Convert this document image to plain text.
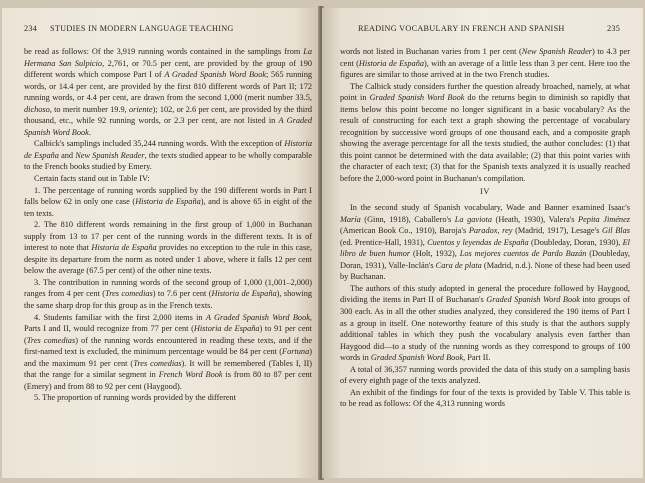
234 STUDIES IN MODERN LANGUAGE TEACHING

be read as follows: Of the 3,919 running words contained in the samplings from La Hermana San Sulpicio, 2,761, or 70.5 per cent, are provided by the group of 190 different words which compose Part I of A Graded Spanish Word Book; 565 running words, or 14.4 per cent, are provided by the first 810 different words of Part II; 172 running words, or 4.4 per cent, are drawn from the second 1,000 (merit number 33.5, dichoso, to merit number 19.9, oriente); 102, or 2.6 per cent, are provided by the third thousand, etc., while 92 running words, or 2.3 per cent, are not listed in A Graded Spanish Word Book.

Calbick's samplings included 35,244 running words. With the exception of Historia de España and New Spanish Reader, the texts studied appear to be wholly comparable to the French books studied by Emery.

Certain facts stand out in Table IV:

1. The percentage of running words supplied by the 190 different words in Part I falls below 62 in only one case (Historia de España), and is above 65 in eight of the ten texts.

2. The 810 different words remaining in the first group of 1,000 in Buchanan supply from 13 to 17 per cent of the running words in the different texts. It is of interest to note that Historia de España provides no exception to the rule in this case, despite its departure from the norm as noted under 1 above, where it falls 12 per cent below the average (67.5 per cent) of the other nine texts.

3. The contribution in running words of the second group of 1,000 (1,001–2,000) ranges from 4 per cent (Tres comedias) to 7.6 per cent (Historia de España), showing the same sharp drop for this group as in the French texts.

4. Students familiar with the first 2,000 items in A Graded Spanish Word Book, Parts I and II, would recognize from 77 per cent (Historia de España) to 91 per cent (Tres comedias) of the running words encountered in reading these texts, and if the first-named text is excluded, the minimum percentage would be 84 per cent (Fortuna) and the maximum 91 per cent (Tres comedias). It will be remembered (Tables I, II) that the range for a similar segment in French Word Book is from 80 to 87 per cent (Emery) and from 88 to 92 per cent (Haygood).

5. The proportion of running words provided by the different

READING VOCABULARY IN FRENCH AND SPANISH	235

words not listed in Buchanan varies from 1 per cent (New Spanish Reader) to 4.3 per cent (Historia de España), with an average of a little less than 3 per cent. Here too the figures are similar to those arrived at in the two French studies.

The Calbick study considers further the question already broached, namely, at what point in Graded Spanish Word Book do the returns begin to diminish so rapidly that items below this point become no longer significant in a basic vocabulary? As the result of constructing for each text a graph showing the percentage of vocabulary recognition by successive word groups of one thousand each, and a composite graph showing the average percentage for all the texts studied, the author concludes: (1) that this point cannot be determined with the data available; (2) that this point varies with the character of each text; (3) that for the Spanish texts analyzed it is usually reached before the 2,000-word point in Buchanan's compilation.

IV

In the second study of Spanish vocabulary, Wade and Banner examined Isaac's María (Ginn, 1918), Caballero's La gaviota (Heath, 1930), Valera's Pepita Jiménez (American Book Co., 1910), Baroja's Paradox, rey (Madrid, 1917), Lesage's Gil Blas (ed. Prentice-Hall, 1931), Cuentos y leyendas de España (Doubleday, Doran, 1930), El libro de buen humor (Holt, 1932), Los mejores cuentos de Pardo Bazán (Doubleday, Doran, 1931), Valle-Inclán's Cara de plata (Madrid, n.d.). None of these had been used by Buchanan.

The authors of this study adopted in general the procedure followed by Haygood, dividing the items in Part II of Buchanan's Graded Spanish Word Book into groups of 300 each. As in all the other studies analyzed, they considered the 190 items of Part I as a group in itself. One noteworthy feature of this study is that the authors supply additional tables in which they push the vocabulary analysis even farther than Haygood did—to a study of the running words as they correspond to groups of 100 words in Graded Spanish Word Book, Part II.

A total of 36,357 running words provided the data of this study on a sampling basis of every eighth page of the texts analyzed.

An exhibit of the findings for four of the texts is provided by Table V. This table is to be read as follows: Of the 4,313 running words
